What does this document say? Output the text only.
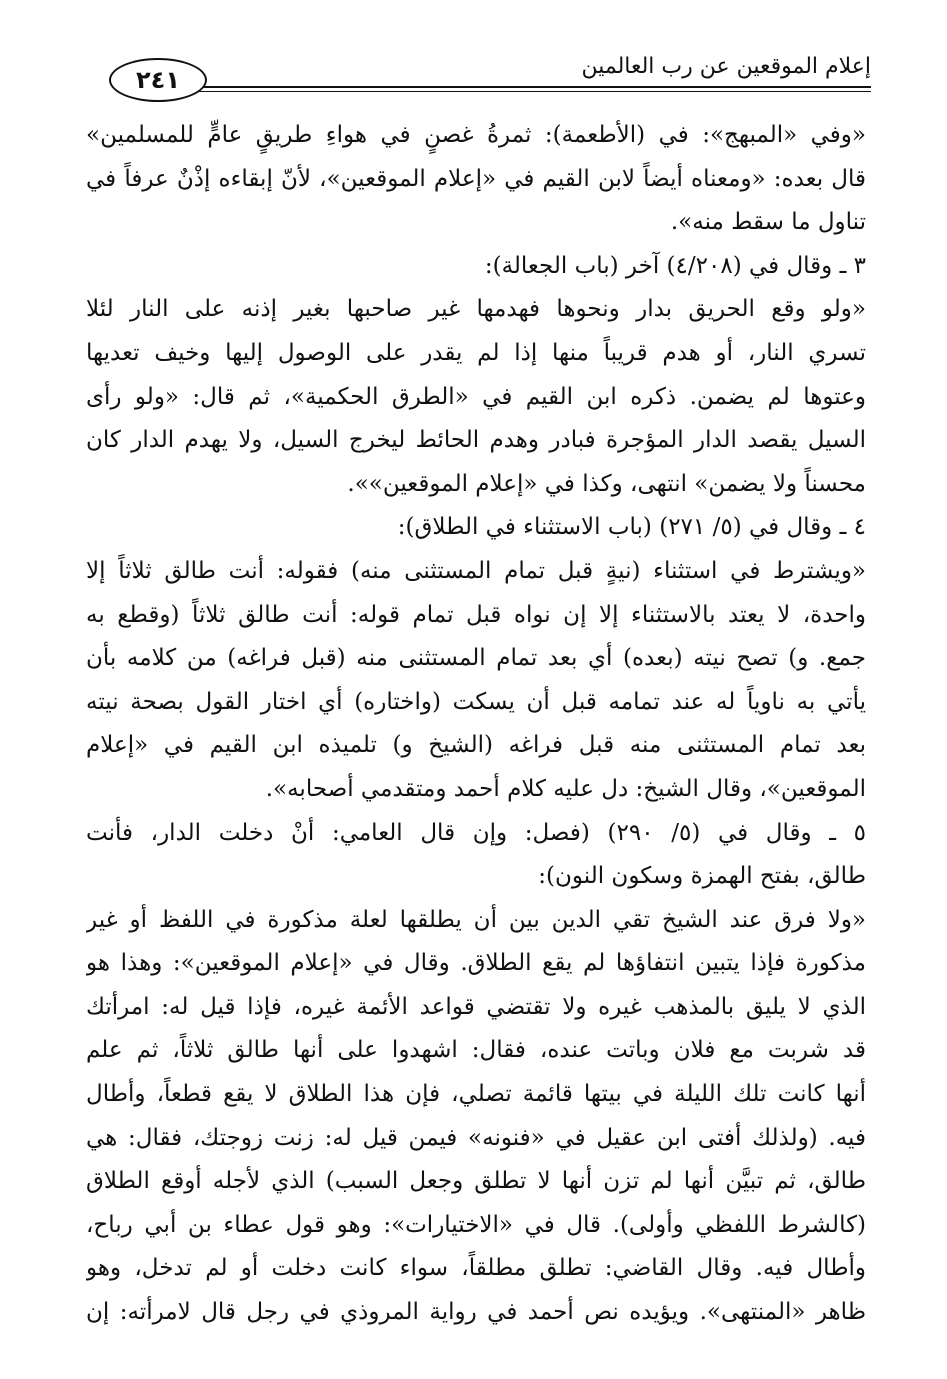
إعلام الموقعين عن رب العالمين
٢٤١
«وفي «المبهج»: في (الأطعمة): ثمرةُ غصنٍ في هواءِ طريقٍ عامٍّ للمسلمين»
قال بعده: «ومعناه أيضاً لابن القيم في «إعلام الموقعين»، لأنّ إبقاءه إذْنٌ عرفاً في
تناول ما سقط منه».
٣ ـ وقال في (٤/٢٠٨) آخر (باب الجعالة):
«ولو وقع الحريق بدار ونحوها فهدمها غير صاحبها بغير إذنه على النار لئلا
تسري النار، أو هدم قريباً منها إذا لم يقدر على الوصول إليها وخيف تعديها
وعتوها لم يضمن. ذكره ابن القيم في «الطرق الحكمية»، ثم قال: «ولو رأى
السيل يقصد الدار المؤجرة فبادر وهدم الحائط ليخرج السيل، ولا يهدم الدار كان
محسناً ولا يضمن» انتهى، وكذا في «إعلام الموقعين»».
٤ ـ وقال في (٥/ ٢٧١) (باب الاستثناء في الطلاق):
«ويشترط في استثناء (نيةٍ قبل تمام المستثنى منه) فقوله: أنت طالق ثلاثاً إلا
واحدة، لا يعتد بالاستثناء إلا إن نواه قبل تمام قوله: أنت طالق ثلاثاً (وقطع به
جمع. و) تصح نيته (بعده) أي بعد تمام المستثنى منه (قبل فراغه) من كلامه بأن
يأتي به ناوياً له عند تمامه قبل أن يسكت (واختاره) أي اختار القول بصحة نيته
بعد تمام المستثنى منه قبل فراغه (الشيخ و) تلميذه ابن القيم في «إعلام
الموقعين»، وقال الشيخ: دل عليه كلام أحمد ومتقدمي أصحابه».
٥ ـ وقال في (٥/ ٢٩٠) (فصل: وإن قال العامي: أنْ دخلت الدار، فأنت
طالق، بفتح الهمزة وسكون النون):
«ولا فرق عند الشيخ تقي الدين بين أن يطلقها لعلة مذكورة في اللفظ أو غير
مذكورة فإذا يتبين انتفاؤها لم يقع الطلاق. وقال في «إعلام الموقعين»: وهذا هو
الذي لا يليق بالمذهب غيره ولا تقتضي قواعد الأئمة غيره، فإذا قيل له: امرأتك
قد شربت مع فلان وباتت عنده، فقال: اشهدوا على أنها طالق ثلاثاً، ثم علم
أنها كانت تلك الليلة في بيتها قائمة تصلي، فإن هذا الطلاق لا يقع قطعاً، وأطال
فيه. (ولذلك أفتى ابن عقيل في «فنونه» فيمن قيل له: زنت زوجتك، فقال: هي
طالق، ثم تبيَّن أنها لم تزن أنها لا تطلق وجعل السبب) الذي لأجله أوقع الطلاق
(كالشرط اللفظي وأولى). قال في «الاختيارات»: وهو قول عطاء بن أبي رباح،
وأطال فيه. وقال القاضي: تطلق مطلقاً، سواء كانت دخلت أو لم تدخل، وهو
ظاهر «المنتهى». ويؤيده نص أحمد في رواية المروذي في رجل قال لامرأته: إن
